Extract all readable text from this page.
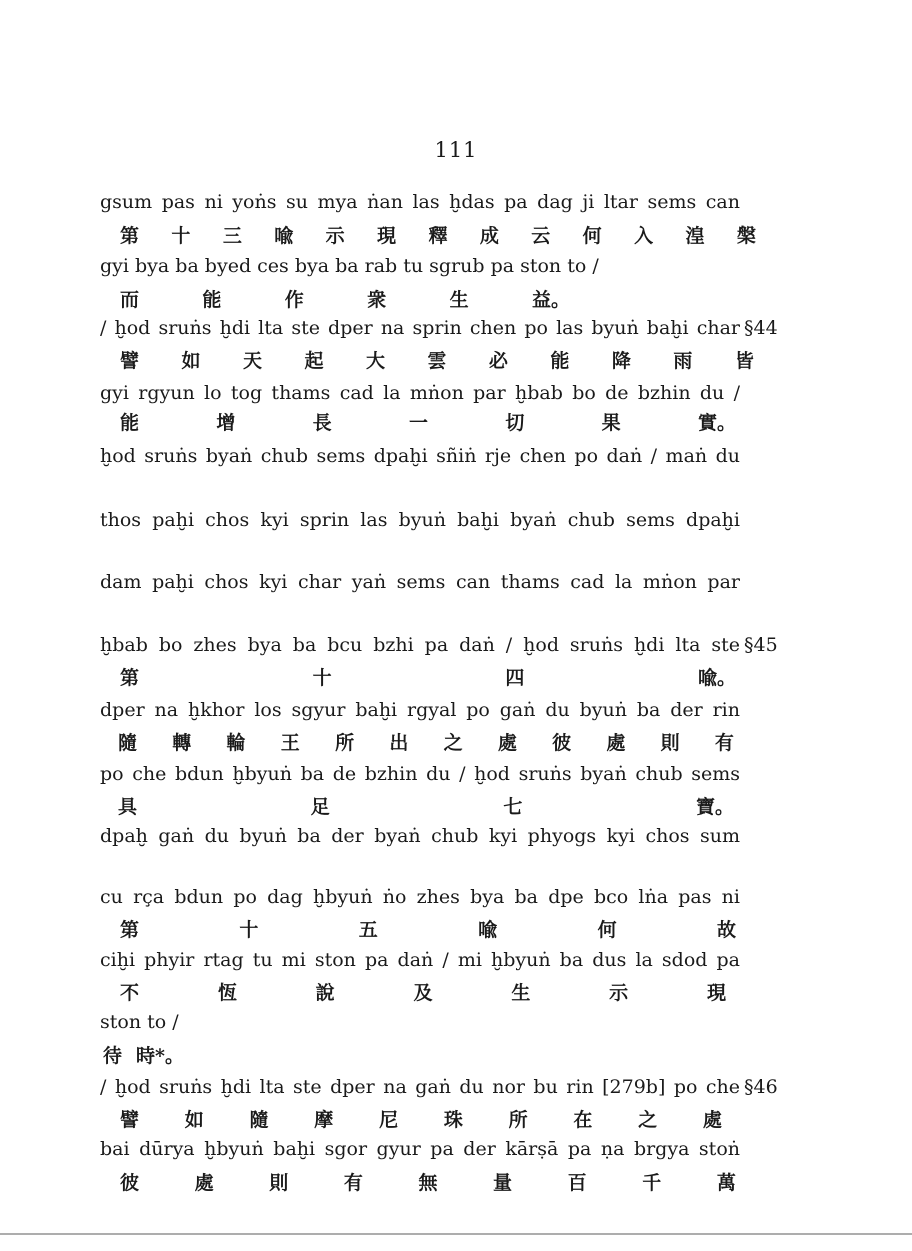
111
gsum pas ni yoṅs su mya ṅan las ḫdas pa dag ji ltar sems can
第 十 三 喩 示 現 釋 成 云 何 入 湟 槃
gyi bya ba byed ces bya ba rab tu sgrub pa ston to /
而	能	作	衆	生	益。
/ ḫod sruṅs ḫdi lta ste dper na sprin chen po las byuṅ baḫi char
譬 如 天 起 大 雲 必 能 降 雨 皆
gyi rgyun lo tog thams cad la mṅon par ḫbab bo de bzhin du /
能	增	長	一	切	果	實。
ḫod sruṅs byaṅ chub sems dpaḫi sñiṅ rje chen po daṅ / maṅ du
thos paḫi chos kyi sprin las byuṅ baḫi byaṅ chub sems dpaḫi
dam paḫi chos kyi char yaṅ sems can thams cad la mṅon par
ḫbab bo zhes bya ba bcu bzhi pa daṅ / ḫod sruṅs ḫdi lta ste
第	十	四	喩。
dper na ḫkhor los sgyur baḫi rgyal po gaṅ du byuṅ ba der rin
隨 轉 輪 王 所 出 之 處 彼 處 則 有
po che bdun ḫbyuṅ ba de bzhin du / ḫod sruṅs byaṅ chub sems
具	足	七	寶。
dpaḫ gaṅ du byuṅ ba der byaṅ chub kyi phyogs kyi chos sum
cu rça bdun po dag ḫbyuṅ ṅo zhes bya ba dpe bco lṅa pas ni
第	十	五	喩	何	故
ciḫi phyir rtag tu mi ston pa daṅ / mi ḫbyuṅ ba dus la sdod pa
不	恆	說	及	生	示	現
ston to /
待 時*。
/ ḫod sruṅs ḫdi lta ste dper na gaṅ du nor bu rin [279b] po che
譬 如 隨 摩 尼 珠 所 在 之 處
bai dūrya ḫbyuṅ baḫi sgor gyur pa der kārṣā pa ṇa brgya stoṅ
彼	處	則	有	無	量	百	千	萬
§44
§45
§46
